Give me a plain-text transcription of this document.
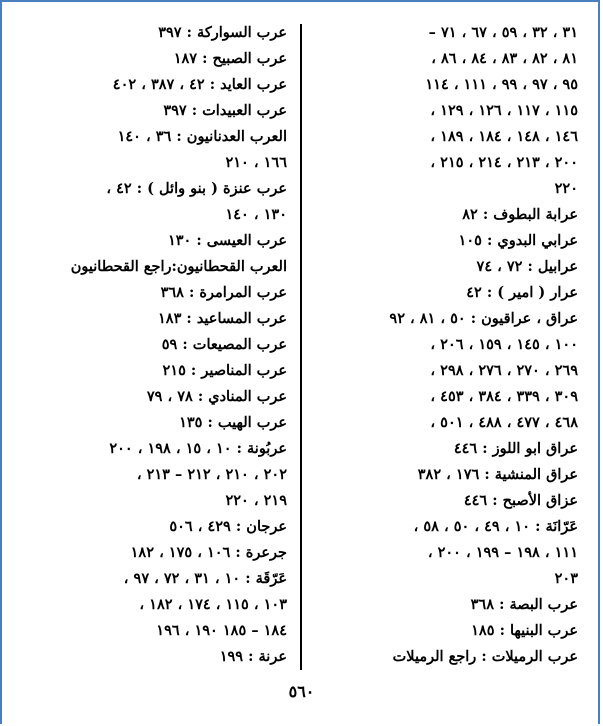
٣١ ، ٣٢ ، ٥٩ ، ٦٧ ، ٧١ –
٨١ ، ٨٢ ، ٨٣ ، ٨٤ ، ٨٦ ،
٩٥ ، ٩٧ ، ٩٩ ، ١١١ ، ١١٤
١١٥ ، ١١٧ ، ١٢٦ ، ١٢٩ ،
١٤٦ ، ١٤٨ ، ١٨٤ ، ١٨٩ ،
٢٠٠ ، ٢١٣ ، ٢١٤ ، ٢١٥ ،
٢٢٠
عرابة البطوف : ٨٢
عرابي البدوي : ١٠٥
عرابيل : ٧٢ ، ٧٤
عرار ( امير ) : ٤٢
عراق ، عراقيون : ٥٠ ، ٨١ ، ٩٢
١٠٠ ، ١٤٥ ، ١٥٩ ، ٢٠٦ ،
٢٦٩ ، ٢٧٠ ، ٢٧٦ ، ٢٩٨ ،
٣٠٩ ، ٣٣٩ ، ٣٨٤ ، ٤٥٣ ،
٤٦٨ ، ٤٧٧ ، ٤٨٨ ، ٥٠١ ،
عراق ابو اللوز : ٤٤٦
عراق المنشية : ١٧٦ ، ٣٨٢
عزاق الأصبح : ٤٤٦
عَرّانَة : ١٠ ، ٤٩ ، ٥٠ ، ٥٨ ،
١١١ ، ١٩٨ – ١٩٩ ، ٢٠٠ ،
٢٠٣
عرب البصة : ٣٦٨
عرب البنيها : ١٨٥
عرب الرميلات : راجع الرميلات
عرب السواركة : ٣٩٧
عرب الصبيح : ١٨٧
عرب العايد : ٤٢ ، ٣٨٧ ، ٤٠٢
عرب العبيدات : ٣٩٧
العرب العدنانيون : ٣٦ ، ١٤٠
١٦٦ ، ٢١٠
عرب عنزة ( بنو وائل ) : ٤٢ ،
١٣٠ ، ١٤٠
عرب العيسى : ١٣٠
العرب القحطانيون:راجع القحطانيون
عرب المرامرة : ٣٦٨
عرب المساعيد : ١٨٣
عرب المصيعات : ٥٩
عرب المناصير : ٢١٥
عرب المنادي : ٧٨ ، ٧٩
عرب الهيب : ١٣٥
عربُونة : ١٠ ، ١٥ ، ١٩٨ ، ٢٠٠
٢٠٢ ، ٢١٠ ، ٢١٢ – ٢١٣ ،
٢١٩ ، ٢٢٠
عرجان : ٤٢٩ ، ٥٠٦
جرعرة : ١٠٦ ، ١٧٥ ، ١٨٢
عَرّقَة : ١٠ ، ٣١ ، ٧٢ ، ٩٧ ،
١٠٣ ، ١١٥ ، ١٧٤ ، ١٨٢ ،
١٨٤ – ١٨٥ ١٩٠ ، ١٩٦
عرنة : ١٩٩
٥٦٠
